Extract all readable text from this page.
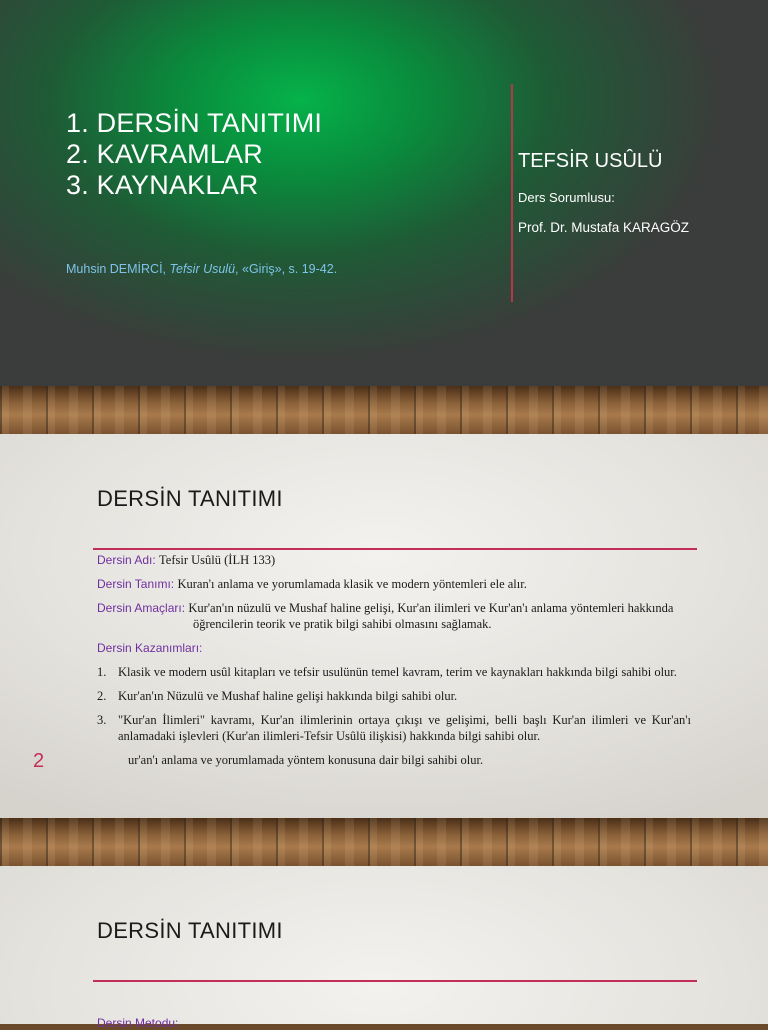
1. DERSİN TANITIMI
2. KAVRAMLAR
3. KAYNAKLAR
Muhsin DEMİRCİ, Tefsir Usulü, «Giriş», s. 19-42.
TEFSİR USÛLÜ
Ders Sorumlusu:
Prof. Dr. Mustafa KARAGÖZ
DERSİN TANITIMI
Dersin Adı: Tefsir Usûlü (İLH 133)
Dersin Tanımı: Kuran'ı anlama ve yorumlamada klasik ve modern yöntemleri ele alır.
Dersin Amaçları: Kur'an'ın nüzulü ve Mushaf haline gelişi, Kur'an ilimleri ve Kur'an'ı anlama yöntemleri hakkında öğrencilerin teorik ve pratik bilgi sahibi olmasını sağlamak.
Dersin Kazanımları:
1. Klasik ve modern usûl kitapları ve tefsir usulünün temel kavram, terim ve kaynakları hakkında bilgi sahibi olur.
2. Kur'an'ın Nüzulü ve Mushaf haline gelişi hakkında bilgi sahibi olur.
3. "Kur'an İlimleri" kavramı, Kur'an ilimlerinin ortaya çıkışı ve gelişimi, belli başlı Kur'an ilimleri ve Kur'an'ı anlamadaki işlevleri (Kur'an ilimleri-Tefsir Usûlü ilişkisi) hakkında bilgi sahibi olur.
ur'an'ı anlama ve yorumlamada yöntem konusuna dair bilgi sahibi olur.
2
DERSİN TANITIMI
Dersin Metodu:
